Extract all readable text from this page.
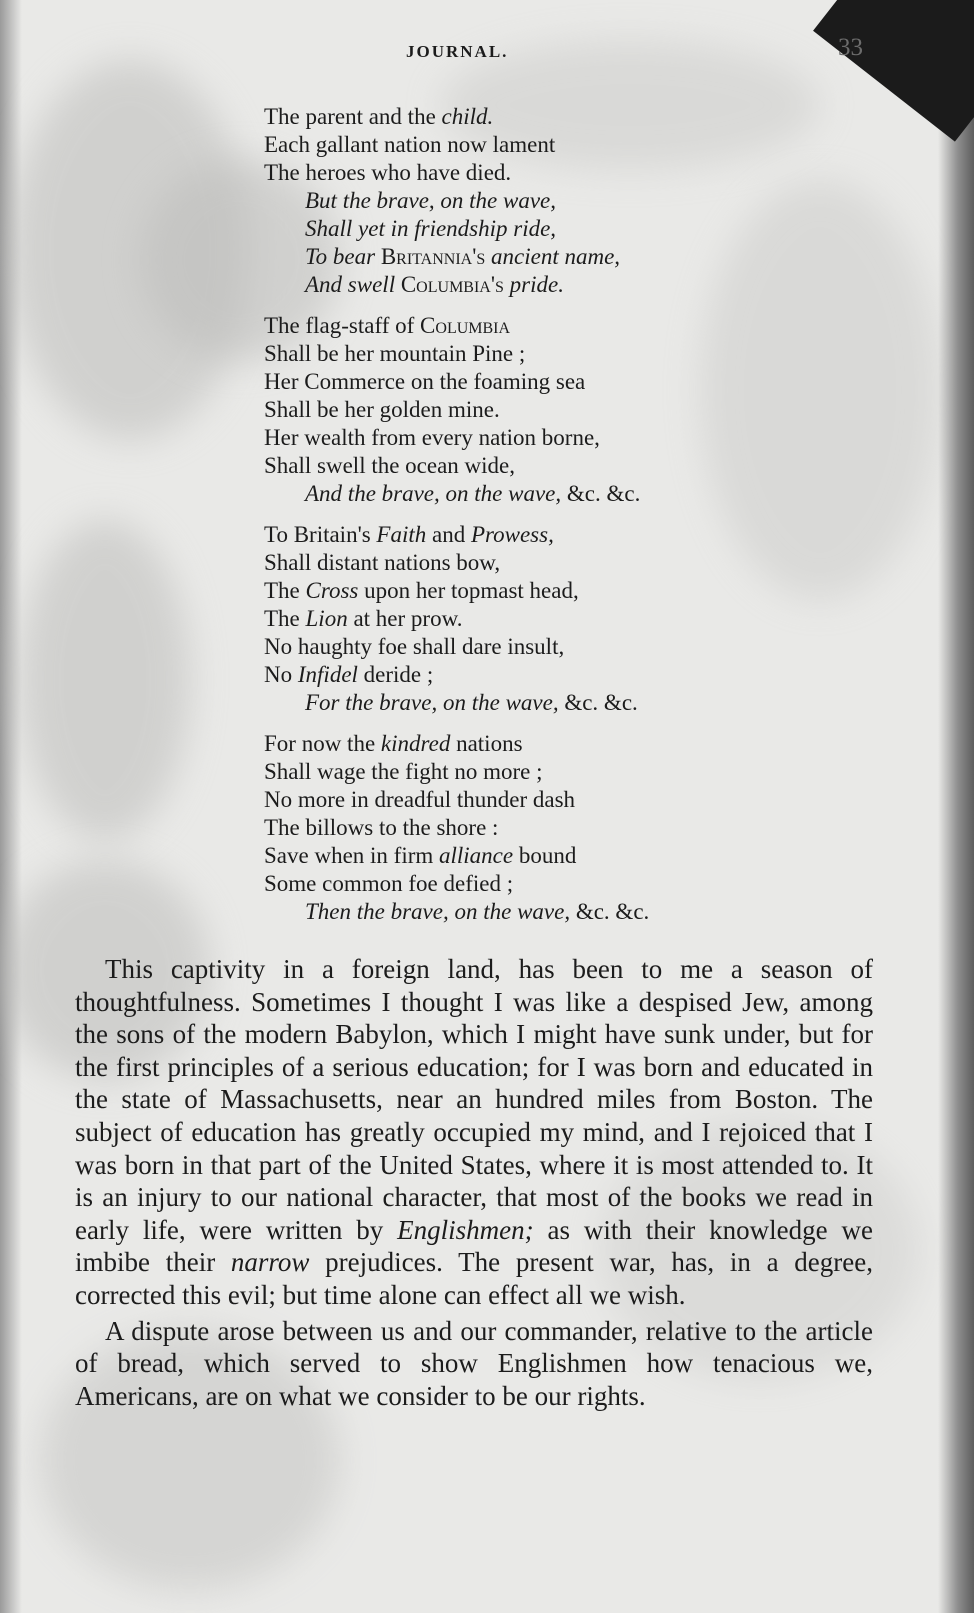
JOURNAL.	33
The parent and the child.
Each gallant nation now lament
The heroes who have died.
But the brave, on the wave,
Shall yet in friendship ride,
To bear Britannia's ancient name,
And swell Columbia's pride.
The flag-staff of Columbia
Shall be her mountain Pine ;
Her Commerce on the foaming sea
Shall be her golden mine.
Her wealth from every nation borne,
Shall swell the ocean wide,
And the brave, on the wave, &c. &c.
To Britain's Faith and Prowess,
Shall distant nations bow,
The Cross upon her topmast head,
The Lion at her prow.
No haughty foe shall dare insult,
No Infidel deride ;
For the brave, on the wave, &c. &c.
For now the kindred nations
Shall wage the fight no more ;
No more in dreadful thunder dash
The billows to the shore :
Save when in firm alliance bound
Some common foe defied ;
Then the brave, on the wave, &c. &c.

This captivity in a foreign land, has been to me a season of thoughtfulness. Sometimes I thought I was like a despised Jew, among the sons of the modern Babylon, which I might have sunk under, but for the first principles of a serious education; for I was born and educated in the state of Massachusetts, near an hundred miles from Boston. The subject of education has greatly occupied my mind, and I rejoiced that I was born in that part of the United States, where it is most attended to. It is an injury to our national character, that most of the books we read in early life, were written by Englishmen; as with their knowledge we imbibe their narrow prejudices. The present war, has, in a degree, corrected this evil; but time alone can effect all we wish.

A dispute arose between us and our commander, relative to the article of bread, which served to show Englishmen how tenacious we, Americans, are on what we consider to be our rights.
